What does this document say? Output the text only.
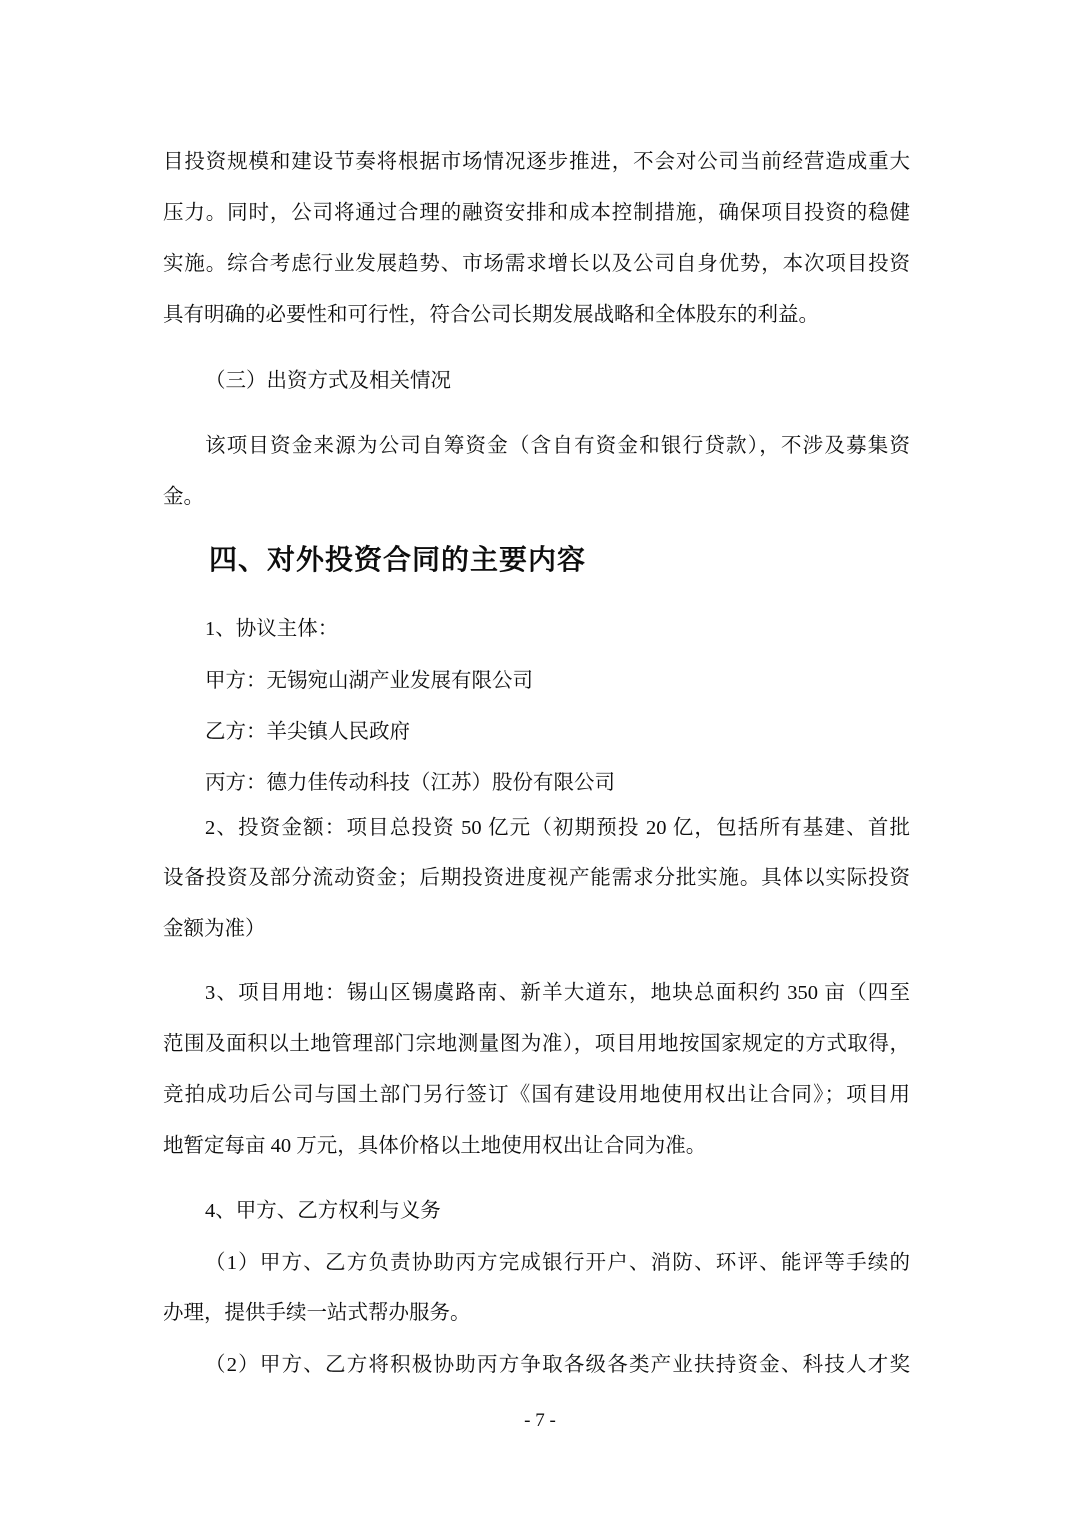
目投资规模和建设节奏将根据市场情况逐步推进，不会对公司当前经营造成重大
压力。同时，公司将通过合理的融资安排和成本控制措施，确保项目投资的稳健
实施。综合考虑行业发展趋势、市场需求增长以及公司自身优势，本次项目投资
具有明确的必要性和可行性，符合公司长期发展战略和全体股东的利益。
（三）出资方式及相关情况
该项目资金来源为公司自筹资金（含自有资金和银行贷款），不涉及募集资
金。
四、对外投资合同的主要内容
1、协议主体：
甲方：无锡宛山湖产业发展有限公司
乙方：羊尖镇人民政府
丙方：德力佳传动科技（江苏）股份有限公司
2、投资金额：项目总投资 50 亿元（初期预投 20 亿，包括所有基建、首批
设备投资及部分流动资金；后期投资进度视产能需求分批实施。具体以实际投资
金额为准）
3、项目用地：锡山区锡虞路南、新羊大道东，地块总面积约 350 亩（四至
范围及面积以土地管理部门宗地测量图为准），项目用地按国家规定的方式取得，
竞拍成功后公司与国土部门另行签订《国有建设用地使用权出让合同》；项目用
地暂定每亩 40 万元，具体价格以土地使用权出让合同为准。
4、甲方、乙方权利与义务
（1）甲方、乙方负责协助丙方完成银行开户、消防、环评、能评等手续的
办理，提供手续一站式帮办服务。
（2）甲方、乙方将积极协助丙方争取各级各类产业扶持资金、科技人才奖
- 7 -
